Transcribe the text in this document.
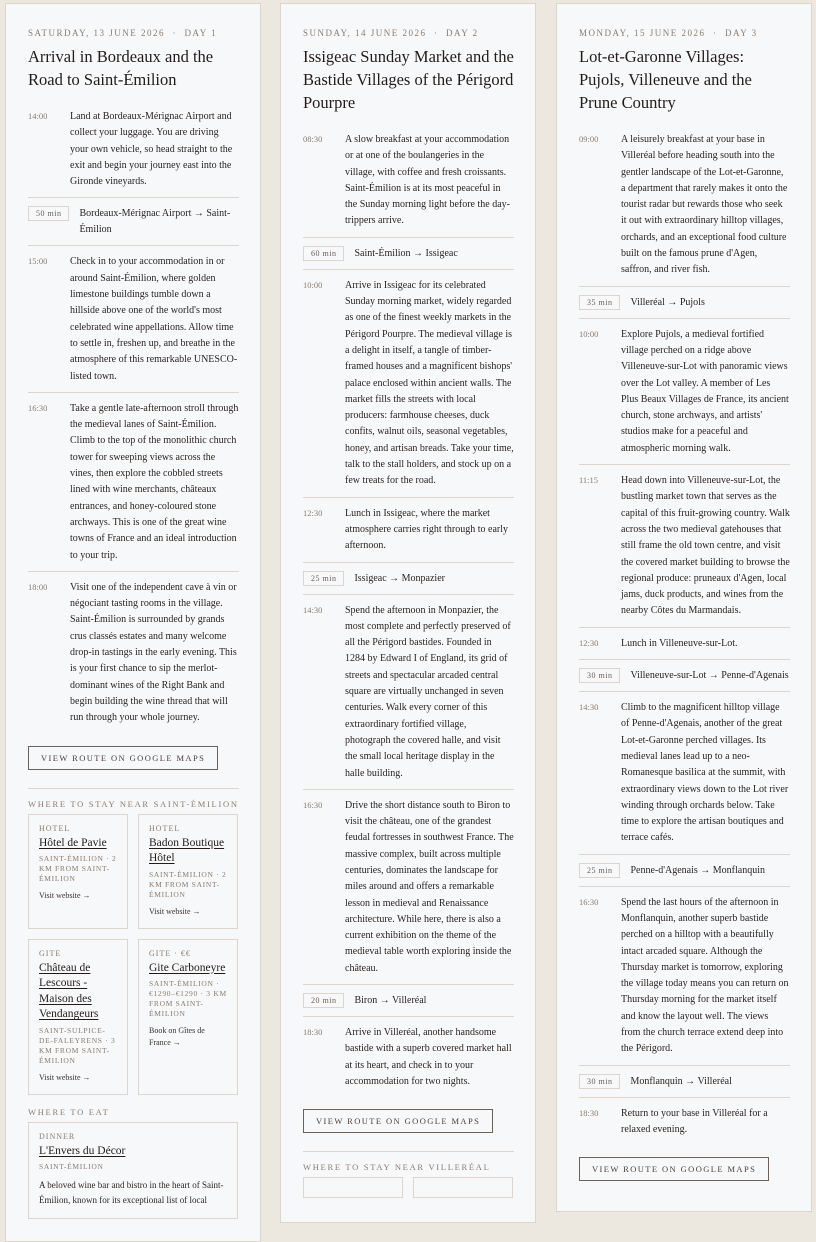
SATURDAY, 13 JUNE 2026  ·  DAY 1
Arrival in Bordeaux and the Road to Saint-Émilion
14:00	Land at Bordeaux-Mérignac Airport and collect your luggage. You are driving your own vehicle, so head straight to the exit and begin your journey east into the Gironde vineyards.
50 min	Bordeaux-Mérignac Airport → Saint-Émilion
15:00	Check in to your accommodation in or around Saint-Émilion, where golden limestone buildings tumble down a hillside above one of the world's most celebrated wine appellations. Allow time to settle in, freshen up, and breathe in the atmosphere of this remarkable UNESCO-listed town.
16:30	Take a gentle late-afternoon stroll through the medieval lanes of Saint-Émilion. Climb to the top of the monolithic church tower for sweeping views across the vines, then explore the cobbled streets lined with wine merchants, châteaux entrances, and honey-coloured stone archways. This is one of the great wine towns of France and an ideal introduction to your trip.
18:00	Visit one of the independent cave à vin or négociant tasting rooms in the village. Saint-Émilion is surrounded by grands crus classés estates and many welcome drop-in tastings in the early evening. This is your first chance to sip the merlot-dominant wines of the Right Bank and begin building the wine thread that will run through your whole journey.
VIEW ROUTE ON GOOGLE MAPS
WHERE TO STAY NEAR SAINT-ÉMILION
HOTEL
Hôtel de Pavie
SAINT-ÉMILION · 2 KM FROM SAINT-ÉMILION
Visit website →
HOTEL
Badon Boutique Hôtel
SAINT-ÉMILION · 2 KM FROM SAINT-ÉMILION
Visit website →
GITE
Château de Lescours - Maison des Vendangeurs
SAINT-SULPICE-DE-FALEYRENS · 3 KM FROM SAINT-ÉMILION
Visit website →
GITE · €€
Gite Carboneyre
SAINT-ÉMILION · €1290–€1290 · 3 KM FROM SAINT-ÉMILION
Book on Gîtes de France →
WHERE TO EAT
DINNER
L'Envers du Décor
SAINT-ÉMILION
A beloved wine bar and bistro in the heart of Saint-Émilion, known for its exceptional list of local
SUNDAY, 14 JUNE 2026  ·  DAY 2
Issigeac Sunday Market and the Bastide Villages of the Périgord Pourpre
08:30	A slow breakfast at your accommodation or at one of the boulangeries in the village, with coffee and fresh croissants. Saint-Émilion is at its most peaceful in the Sunday morning light before the day-trippers arrive.
60 min	Saint-Émilion → Issigeac
10:00	Arrive in Issigeac for its celebrated Sunday morning market, widely regarded as one of the finest weekly markets in the Périgord Pourpre. The medieval village is a delight in itself, a tangle of timber-framed houses and a magnificent bishops' palace enclosed within ancient walls. The market fills the streets with local producers: farmhouse cheeses, duck confits, walnut oils, seasonal vegetables, honey, and artisan breads. Take your time, talk to the stall holders, and stock up on a few treats for the road.
12:30	Lunch in Issigeac, where the market atmosphere carries right through to early afternoon.
25 min	Issigeac → Monpazier
14:30	Spend the afternoon in Monpazier, the most complete and perfectly preserved of all the Périgord bastides. Founded in 1284 by Edward I of England, its grid of streets and spectacular arcaded central square are virtually unchanged in seven centuries. Walk every corner of this extraordinary fortified village, photograph the covered halle, and visit the small local heritage display in the halle building.
16:30	Drive the short distance south to Biron to visit the château, one of the grandest feudal fortresses in southwest France. The massive complex, built across multiple centuries, dominates the landscape for miles around and offers a remarkable lesson in medieval and Renaissance architecture. While here, there is also a current exhibition on the theme of the medieval table worth exploring inside the château.
20 min	Biron → Villeréal
18:30	Arrive in Villeréal, another handsome bastide with a superb covered market hall at its heart, and check in to your accommodation for two nights.
VIEW ROUTE ON GOOGLE MAPS
WHERE TO STAY NEAR VILLERÉAL
MONDAY, 15 JUNE 2026  ·  DAY 3
Lot-et-Garonne Villages: Pujols, Villeneuve and the Prune Country
09:00	A leisurely breakfast at your base in Villeréal before heading south into the gentler landscape of the Lot-et-Garonne, a department that rarely makes it onto the tourist radar but rewards those who seek it out with extraordinary hilltop villages, orchards, and an exceptional food culture built on the famous prune d'Agen, saffron, and river fish.
35 min	Villeréal → Pujols
10:00	Explore Pujols, a medieval fortified village perched on a ridge above Villeneuve-sur-Lot with panoramic views over the Lot valley. A member of Les Plus Beaux Villages de France, its ancient church, stone archways, and artists' studios make for a peaceful and atmospheric morning walk.
11:15	Head down into Villeneuve-sur-Lot, the bustling market town that serves as the capital of this fruit-growing country. Walk across the two medieval gatehouses that still frame the old town centre, and visit the covered market building to browse the regional produce: pruneaux d'Agen, local jams, duck products, and wines from the nearby Côtes du Marmandais.
12:30	Lunch in Villeneuve-sur-Lot.
30 min	Villeneuve-sur-Lot → Penne-d'Agenais
14:30	Climb to the magnificent hilltop village of Penne-d'Agenais, another of the great Lot-et-Garonne perched villages. Its medieval lanes lead up to a neo-Romanesque basilica at the summit, with extraordinary views down to the Lot river winding through orchards below. Take time to explore the artisan boutiques and terrace cafés.
25 min	Penne-d'Agenais → Monflanquin
16:30	Spend the last hours of the afternoon in Monflanquin, another superb bastide perched on a hilltop with a beautifully intact arcaded square. Although the Thursday market is tomorrow, exploring the village today means you can return on Thursday morning for the market itself and know the layout well. The views from the church terrace extend deep into the Périgord.
30 min	Monflanquin → Villeréal
18:30	Return to your base in Villeréal for a relaxed evening.
VIEW ROUTE ON GOOGLE MAPS
